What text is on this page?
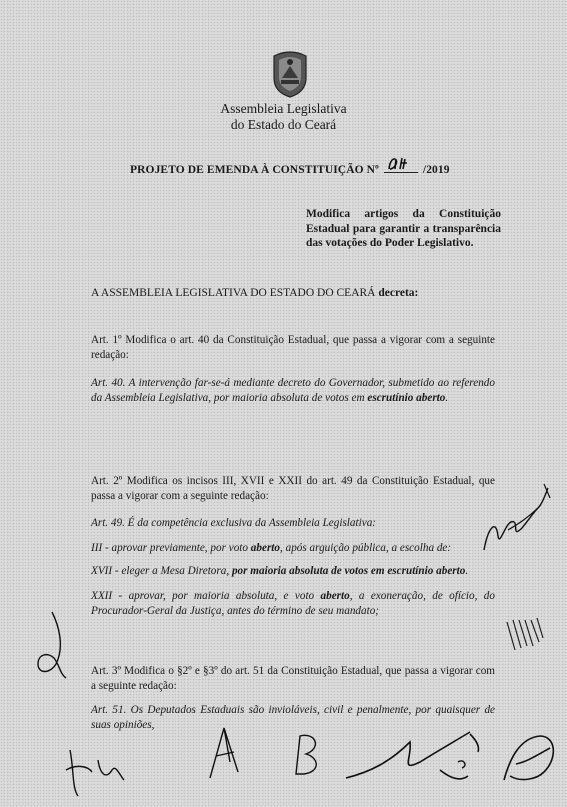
Assembleia Legislativa
do Estado do Ceará
PROJETO DE EMENDA À CONSTITUIÇÃO Nº	/2019
Modifica artigos da Constituição Estadual para garantir a transparência das votações do Poder Legislativo.
A ASSEMBLEIA LEGISLATIVA DO ESTADO DO CEARÁ decreta:
Art. 1º Modifica o art. 40 da Constituição Estadual, que passa a vigorar com a seguinte redação:
Art. 40. A intervenção far-se-á mediante decreto do Governador, submetido ao referendo da Assembleia Legislativa, por maioria absoluta de votos em escrutínio aberto.
Art. 2º Modifica os incisos III, XVII e XXII do art. 49 da Constituição Estadual, que passa a vigorar com a seguinte redação:
Art. 49. É da competência exclusiva da Assembleia Legislativa:
III - aprovar previamente, por voto aberto, após arguição pública, a escolha de:
XVII - eleger a Mesa Diretora, por maioria absoluta de votos em escrutínio aberto.
XXII - aprovar, por maioria absoluta, e voto aberto, a exoneração, de ofício, do Procurador-Geral da Justiça, antes do término de seu mandato;
Art. 3º Modifica o §2º e §3º do art. 51 da Constituição Estadual, que passa a vigorar com a seguinte redação:
Art. 51. Os Deputados Estaduais são invioláveis, civil e penalmente, por quaisquer de suas opiniões,
